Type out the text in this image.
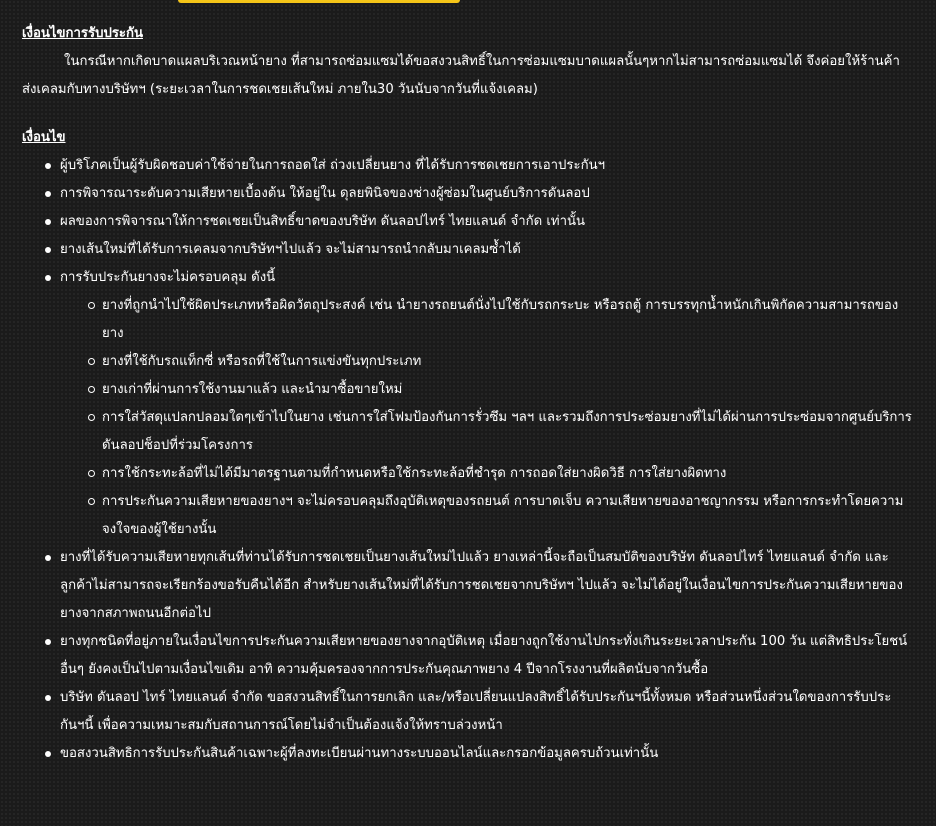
เงื่อนไขการรับประกัน

ในกรณีหากเกิดบาดแผลบริเวณหน้ายาง ที่สามารถซ่อมแซมได้ขอสงวนสิทธิ์ในการซ่อมแซมบาดแผลนั้นๆหากไม่สามารถซ่อมแซมได้ จึงค่อยให้ร้านค้าส่งเคลมกับทางบริษัทฯ (ระยะเวลาในการชดเชยเส้นใหม่ ภายใน30 วันนับจากวันที่แจ้งเคลม)

เงื่อนไข
ผู้บริโภคเป็นผู้รับผิดชอบค่าใช้จ่ายในการถอดใส่ ถ่วงเปลี่ยนยาง ที่ได้รับการชดเชยการเอาประกันฯ
การพิจารณาระดับความเสียหายเบื้องต้น ให้อยู่ใน ดุลยพินิจของช่างผู้ซ่อมในศูนย์บริการดันลอป
ผลของการพิจารณาให้การชดเชยเป็นสิทธิ์ขาดของบริษัท ดันลอปไทร์ ไทยแลนด์ จำกัด เท่านั้น
ยางเส้นใหม่ที่ได้รับการเคลมจากบริษัทฯไปแล้ว จะไม่สามารถนำกลับมาเคลมซ้ำได้
การรับประกันยางจะไม่ครอบคลุม ดังนี้
ยางที่ถูกนำไปใช้ผิดประเภทหรือผิดวัตถุประสงค์ เช่น นำยางรถยนต์นั่งไปใช้กับรถกระบะ หรือรถตู้ การบรรทุกน้ำหนักเกินพิกัดความสามารถของยาง
ยางที่ใช้กับรถแท็กซี่ หรือรถที่ใช้ในการแข่งขันทุกประเภท
ยางเก่าที่ผ่านการใช้งานมาแล้ว และนำมาซื้อขายใหม่
การใส่วัสดุแปลกปลอมใดๆเข้าไปในยาง เช่นการใส่โฟมป้องกันการรั่วซึม ฯลฯ และรวมถึงการประซ่อมยางที่ไม่ได้ผ่านการประซ่อมจากศูนย์บริการดันลอปช็อปที่ร่วมโครงการ
การใช้กระทะล้อที่ไม่ได้มีมาตรฐานตามที่กำหนดหรือใช้กระทะล้อที่ชำรุด การถอดใส่ยางผิดวิธี การใส่ยางผิดทาง
การประกันความเสียหายของยางฯ จะไม่ครอบคลุมถึงอุบัติเหตุของรถยนต์ การบาดเจ็บ ความเสียหายของอาชญากรรม หรือการกระทำโดยความจงใจของผู้ใช้ยางนั้น
ยางที่ได้รับความเสียหายทุกเส้นที่ท่านได้รับการชดเชยเป็นยางเส้นใหม่ไปแล้ว ยางเหล่านี้จะถือเป็นสมบัติของบริษัท ดันลอปไทร์ ไทยแลนด์ จำกัด และลูกค้าไม่สามารถจะเรียกร้องขอรับคืนได้อีก สำหรับยางเส้นใหม่ที่ได้รับการชดเชยจากบริษัทฯ ไปแล้ว จะไม่ได้อยู่ในเงื่อนไขการประกันความเสียหายของยางจากสภาพถนนอีกต่อไป
ยางทุกชนิดที่อยู่ภายในเงื่อนไขการประกันความเสียหายของยางจากอุบัติเหตุ เมื่อยางถูกใช้งานไปกระทั่งเกินระยะเวลาประกัน 100 วัน แต่สิทธิประโยชน์อื่นๆ ยังคงเป็นไปตามเงื่อนไขเดิม อาทิ ความคุ้มครองจากการประกันคุณภาพยาง 4 ปีจากโรงงานที่ผลิตนับจากวันซื้อ
บริษัท ดันลอป ไทร์ ไทยแลนด์ จำกัด ขอสงวนสิทธิ์ในการยกเลิก และ/หรือเปลี่ยนแปลงสิทธิ์ได้รับประกันฯนี้ทั้งหมด หรือส่วนหนึ่งส่วนใดของการรับประกันฯนี้ เพื่อความเหมาะสมกับสถานการณ์โดยไม่จำเป็นต้องแจ้งให้ทราบล่วงหน้า
ขอสงวนสิทธิการรับประกันสินค้าเฉพาะผู้ที่ลงทะเบียนผ่านทางระบบออนไลน์และกรอกข้อมูลครบถ้วนเท่านั้น
